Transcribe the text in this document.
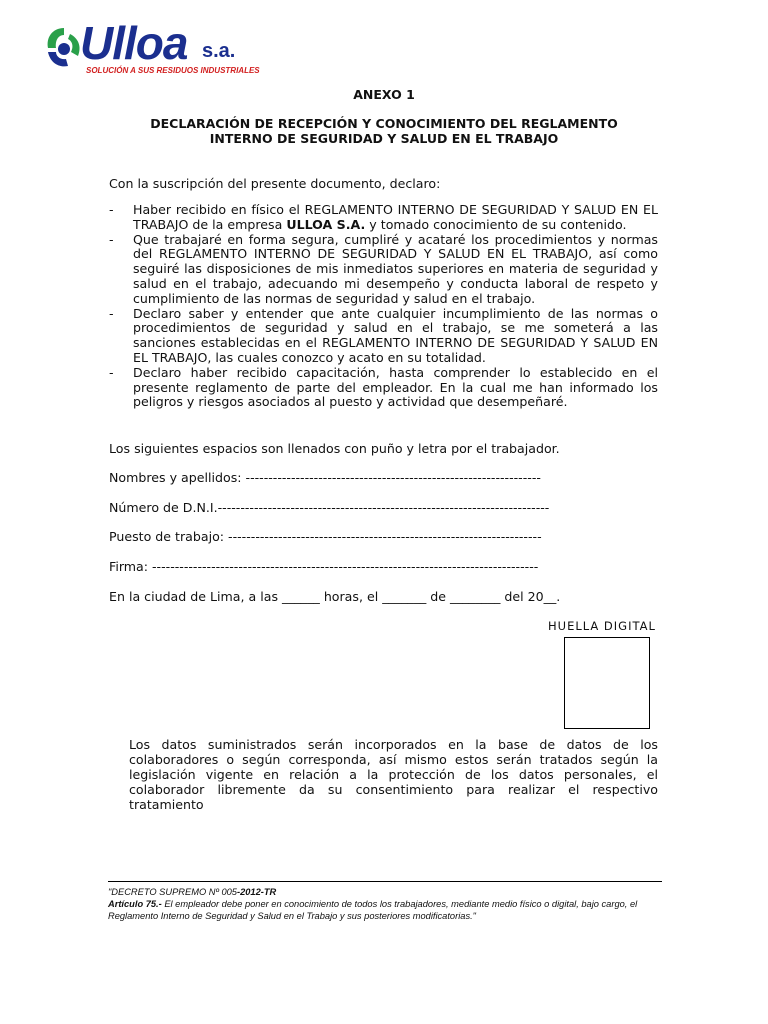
Ulloa s.a.
SOLUCIÓN A SUS RESIDUOS INDUSTRIALES
ANEXO 1
DECLARACIÓN DE RECEPCIÓN Y CONOCIMIENTO DEL REGLAMENTO
INTERNO DE SEGURIDAD Y SALUD EN EL TRABAJO
Con la suscripción del presente documento, declaro:
- Haber recibido en físico el REGLAMENTO INTERNO DE SEGURIDAD Y SALUD EN EL TRABAJO de la empresa ULLOA S.A. y tomado conocimiento de su contenido.
- Que trabajaré en forma segura, cumpliré y acataré los procedimientos y normas del REGLAMENTO INTERNO DE SEGURIDAD Y SALUD EN EL TRABAJO, así como seguiré las disposiciones de mis inmediatos superiores en materia de seguridad y salud en el trabajo, adecuando mi desempeño y conducta laboral de respeto y cumplimiento de las normas de seguridad y salud en el trabajo.
- Declaro saber y entender que ante cualquier incumplimiento de las normas o procedimientos de seguridad y salud en el trabajo, se me someterá a las sanciones establecidas en el REGLAMENTO INTERNO DE SEGURIDAD Y SALUD EN EL TRABAJO, las cuales conozco y acato en su totalidad.
- Declaro haber recibido capacitación, hasta comprender lo establecido en el presente reglamento de parte del empleador. En la cual me han informado los peligros y riesgos asociados al puesto y actividad que desempeñaré.
Los siguientes espacios son llenados con puño y letra por el trabajador.
Nombres y apellidos: -----------------------------------------------------------------
Número de D.N.I.-------------------------------------------------------------------------
Puesto de trabajo: ---------------------------------------------------------------------
Firma: -------------------------------------------------------------------------------------
En la ciudad de Lima, a las ______ horas, el _______ de ________ del 20__.
HUELLA DIGITAL
Los datos suministrados serán incorporados en la base de datos de los colaboradores o según corresponda, así mismo estos serán tratados según la legislación vigente en relación a la protección de los datos personales, el colaborador libremente da su consentimiento para realizar el respectivo tratamiento
"DECRETO SUPREMO Nº 005-2012-TR
Artículo 75.- El empleador debe poner en conocimiento de todos los trabajadores, mediante medio físico o digital, bajo cargo, el Reglamento Interno de Seguridad y Salud en el Trabajo y sus posteriores modificatorias."
